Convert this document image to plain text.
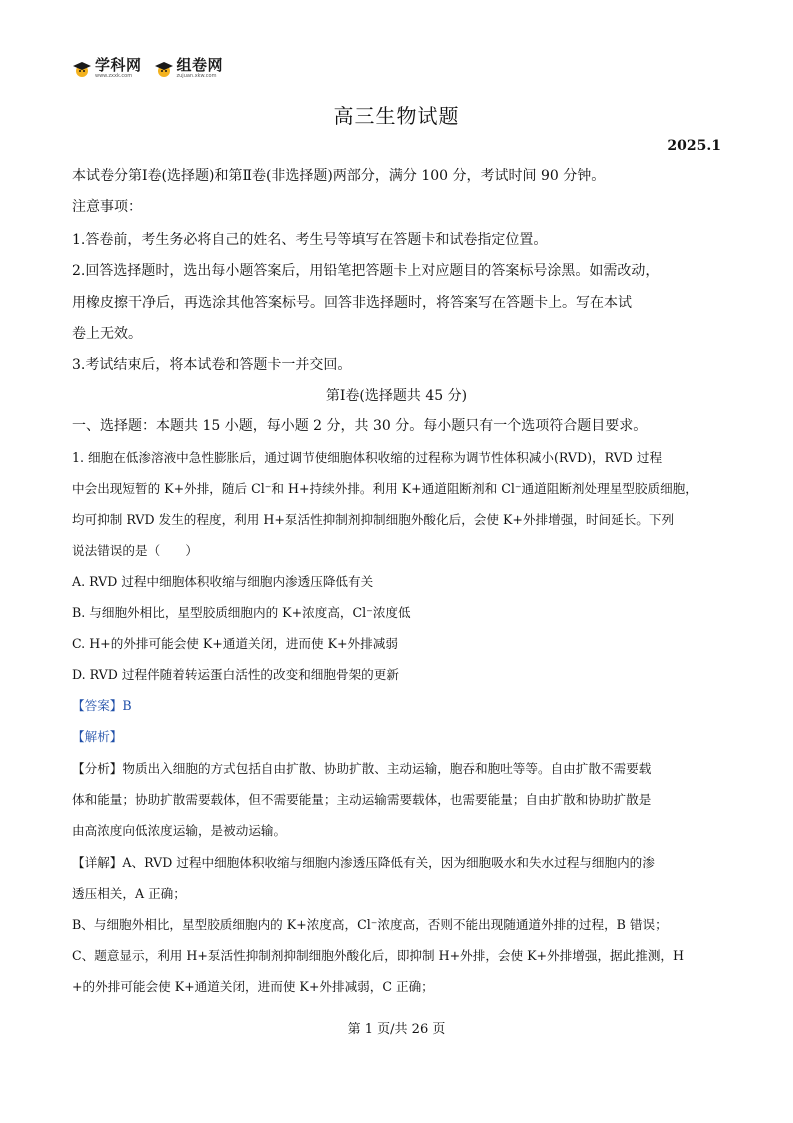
学科网
www.zxxk.com
组卷网
zujuan.xkw.com
高三生物试题
2025.1
本试卷分第Ⅰ卷(选择题)和第Ⅱ卷(非选择题)两部分，满分 100 分，考试时间 90 分钟。
注意事项：
1.答卷前，考生务必将自己的姓名、考生号等填写在答题卡和试卷指定位置。
2.回答选择题时，选出每小题答案后，用铅笔把答题卡上对应题目的答案标号涂黑。如需改动，
用橡皮擦干净后，再选涂其他答案标号。回答非选择题时，将答案写在答题卡上。写在本试
卷上无效。
3.考试结束后，将本试卷和答题卡一并交回。
第Ⅰ卷(选择题共 45 分)
一、选择题：本题共 15 小题，每小题 2 分，共 30 分。每小题只有一个选项符合题目要求。
1. 细胞在低渗溶液中急性膨胀后，通过调节使细胞体积收缩的过程称为调节性体积减小(RVD)，RVD 过程
中会出现短暂的 K+外排，随后 Cl⁻和 H+持续外排。利用 K+通道阻断剂和 Cl⁻通道阻断剂处理星型胶质细胞，
均可抑制 RVD 发生的程度，利用 H+泵活性抑制剂抑制细胞外酸化后，会使 K+外排增强，时间延长。下列
说法错误的是（　　）
A. RVD 过程中细胞体积收缩与细胞内渗透压降低有关
B. 与细胞外相比，星型胶质细胞内的 K+浓度高，Cl⁻浓度低
C. H+的外排可能会使 K+通道关闭，进而使 K+外排减弱
D. RVD 过程伴随着转运蛋白活性的改变和细胞骨架的更新
【答案】B
【解析】
【分析】物质出入细胞的方式包括自由扩散、协助扩散、主动运输，胞吞和胞吐等等。自由扩散不需要载
体和能量；协助扩散需要载体，但不需要能量；主动运输需要载体，也需要能量；自由扩散和协助扩散是
由高浓度向低浓度运输，是被动运输。
【详解】A、RVD 过程中细胞体积收缩与细胞内渗透压降低有关，因为细胞吸水和失水过程与细胞内的渗
透压相关，A 正确；
B、与细胞外相比，星型胶质细胞内的 K+浓度高，Cl⁻浓度高，否则不能出现随通道外排的过程，B 错误；
C、题意显示，利用 H+泵活性抑制剂抑制细胞外酸化后，即抑制 H+外排，会使 K+外排增强，据此推测，H
+的外排可能会使 K+通道关闭，进而使 K+外排减弱，C 正确；
第 1 页/共 26 页
